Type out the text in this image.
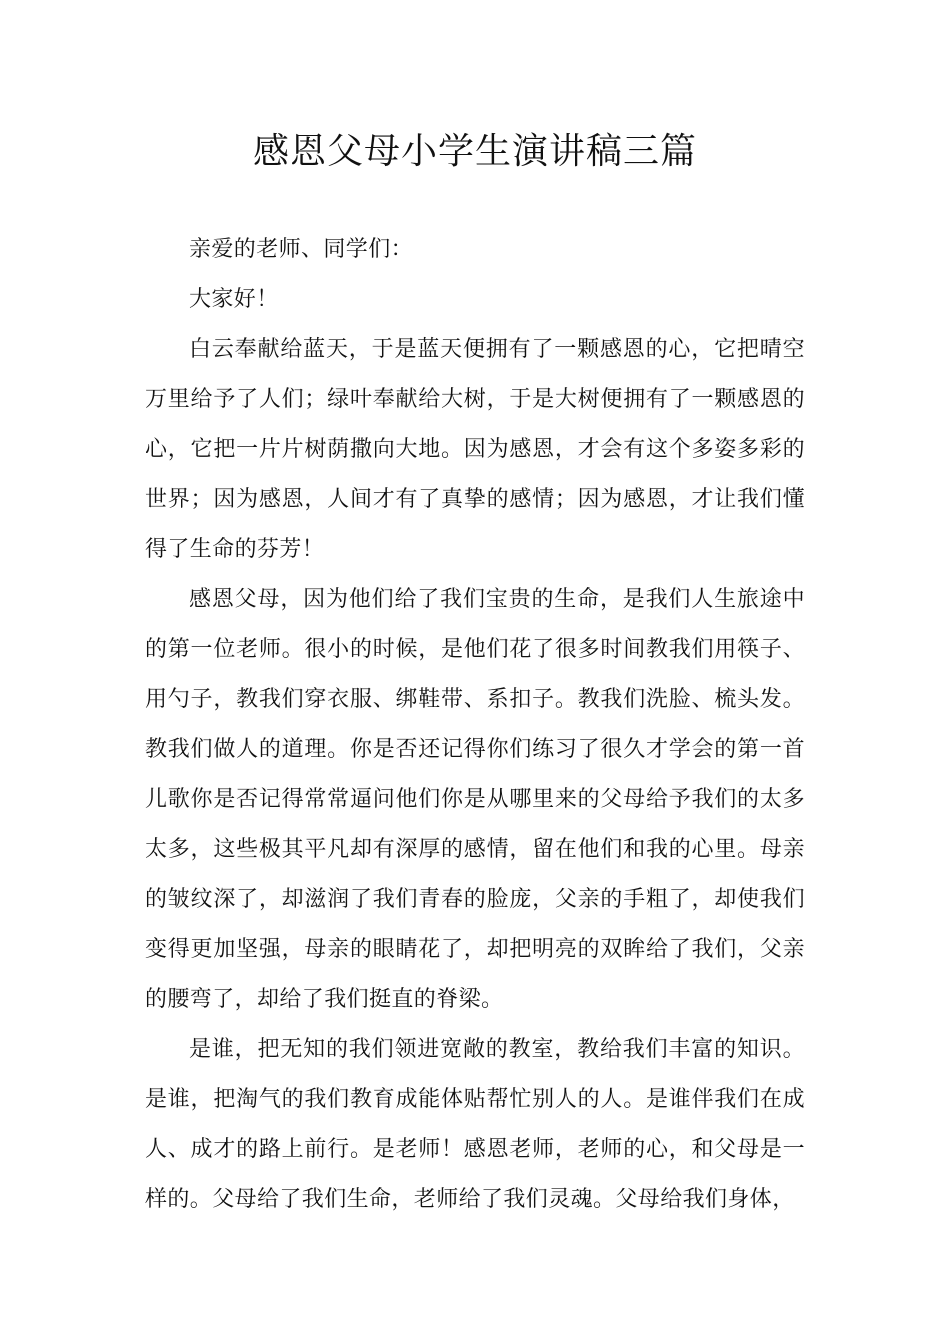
感恩父母小学生演讲稿三篇

亲爱的老师、同学们：

大家好！

白云奉献给蓝天，于是蓝天便拥有了一颗感恩的心，它把晴空万里给予了人们；绿叶奉献给大树，于是大树便拥有了一颗感恩的心，它把一片片树荫撒向大地。因为感恩，才会有这个多姿多彩的世界；因为感恩，人间才有了真挚的感情；因为感恩，才让我们懂得了生命的芬芳！

感恩父母，因为他们给了我们宝贵的生命，是我们人生旅途中的第一位老师。很小的时候，是他们花了很多时间教我们用筷子、用勺子，教我们穿衣服、绑鞋带、系扣子。教我们洗脸、梳头发。教我们做人的道理。你是否还记得你们练习了很久才学会的第一首儿歌你是否记得常常逼问他们你是从哪里来的父母给予我们的太多太多，这些极其平凡却有深厚的感情，留在他们和我的心里。母亲的皱纹深了，却滋润了我们青春的脸庞，父亲的手粗了，却使我们变得更加坚强，母亲的眼睛花了，却把明亮的双眸给了我们，父亲的腰弯了，却给了我们挺直的脊梁。

是谁，把无知的我们领进宽敞的教室，教给我们丰富的知识。是谁，把淘气的我们教育成能体贴帮忙别人的人。是谁伴我们在成人、成才的路上前行。是老师！感恩老师，老师的心，和父母是一样的。父母给了我们生命，老师给了我们灵魂。父母给我们身体，
